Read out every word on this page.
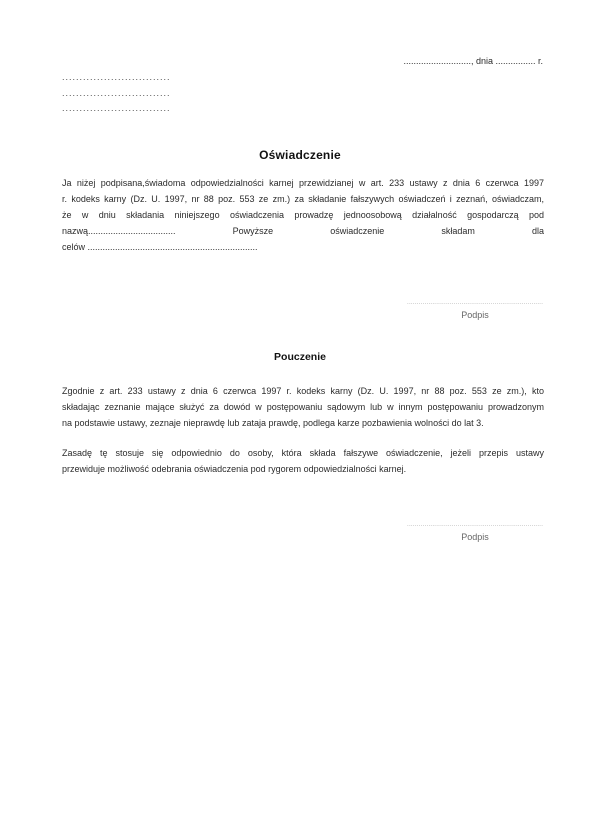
..........................., dnia ................ r.
...............................
...............................
...............................
Oświadczenie
Ja niżej podpisana,świadoma odpowiedzialności karnej przewidzianej w art. 233 ustawy z dnia 6 czerwca 1997
r. kodeks karny (Dz. U. 1997, nr 88 poz. 553 ze zm.) za składanie fałszywych oświadczeń i zeznań, oświadczam,
że w dniu składania niniejszego oświadczenia prowadzę jednoosobową działalność gospodarczą pod
nazwą................................... Powyższe oświadczenie składam dla
celów ....................................................................
......................................................................
Podpis
Pouczenie
Zgodnie z art. 233 ustawy z dnia 6 czerwca 1997 r. kodeks karny (Dz. U. 1997, nr 88 poz. 553 ze zm.), kto
składając zeznanie mające służyć za dowód w postępowaniu sądowym lub w innym postępowaniu prowadzonym
na podstawie ustawy, zeznaje nieprawdę lub zataja prawdę, podlega karze pozbawienia wolności do lat 3.
Zasadę tę stosuje się odpowiednio do osoby, która składa fałszywe oświadczenie, jeżeli przepis ustawy
przewiduje możliwość odebrania oświadczenia pod rygorem odpowiedzialności karnej.
......................................................................
Podpis
